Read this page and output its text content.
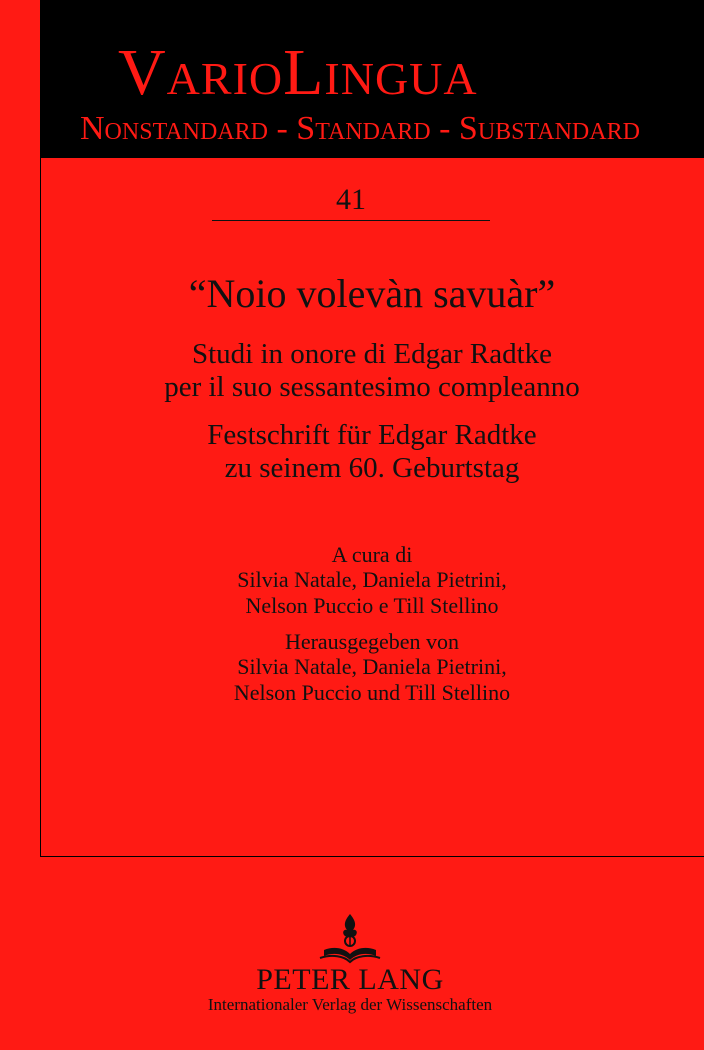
VarioLingua
Nonstandard - Standard - Substandard
41
“Noio volevàn savuàr”
Studi in onore di Edgar Radtke
per il suo sessantesimo compleanno
Festschrift für Edgar Radtke
zu seinem 60. Geburtstag
A cura di
Silvia Natale, Daniela Pietrini,
Nelson Puccio e Till Stellino
Herausgegeben von
Silvia Natale, Daniela Pietrini,
Nelson Puccio und Till Stellino
PETER LANG
Internationaler Verlag der Wissenschaften
